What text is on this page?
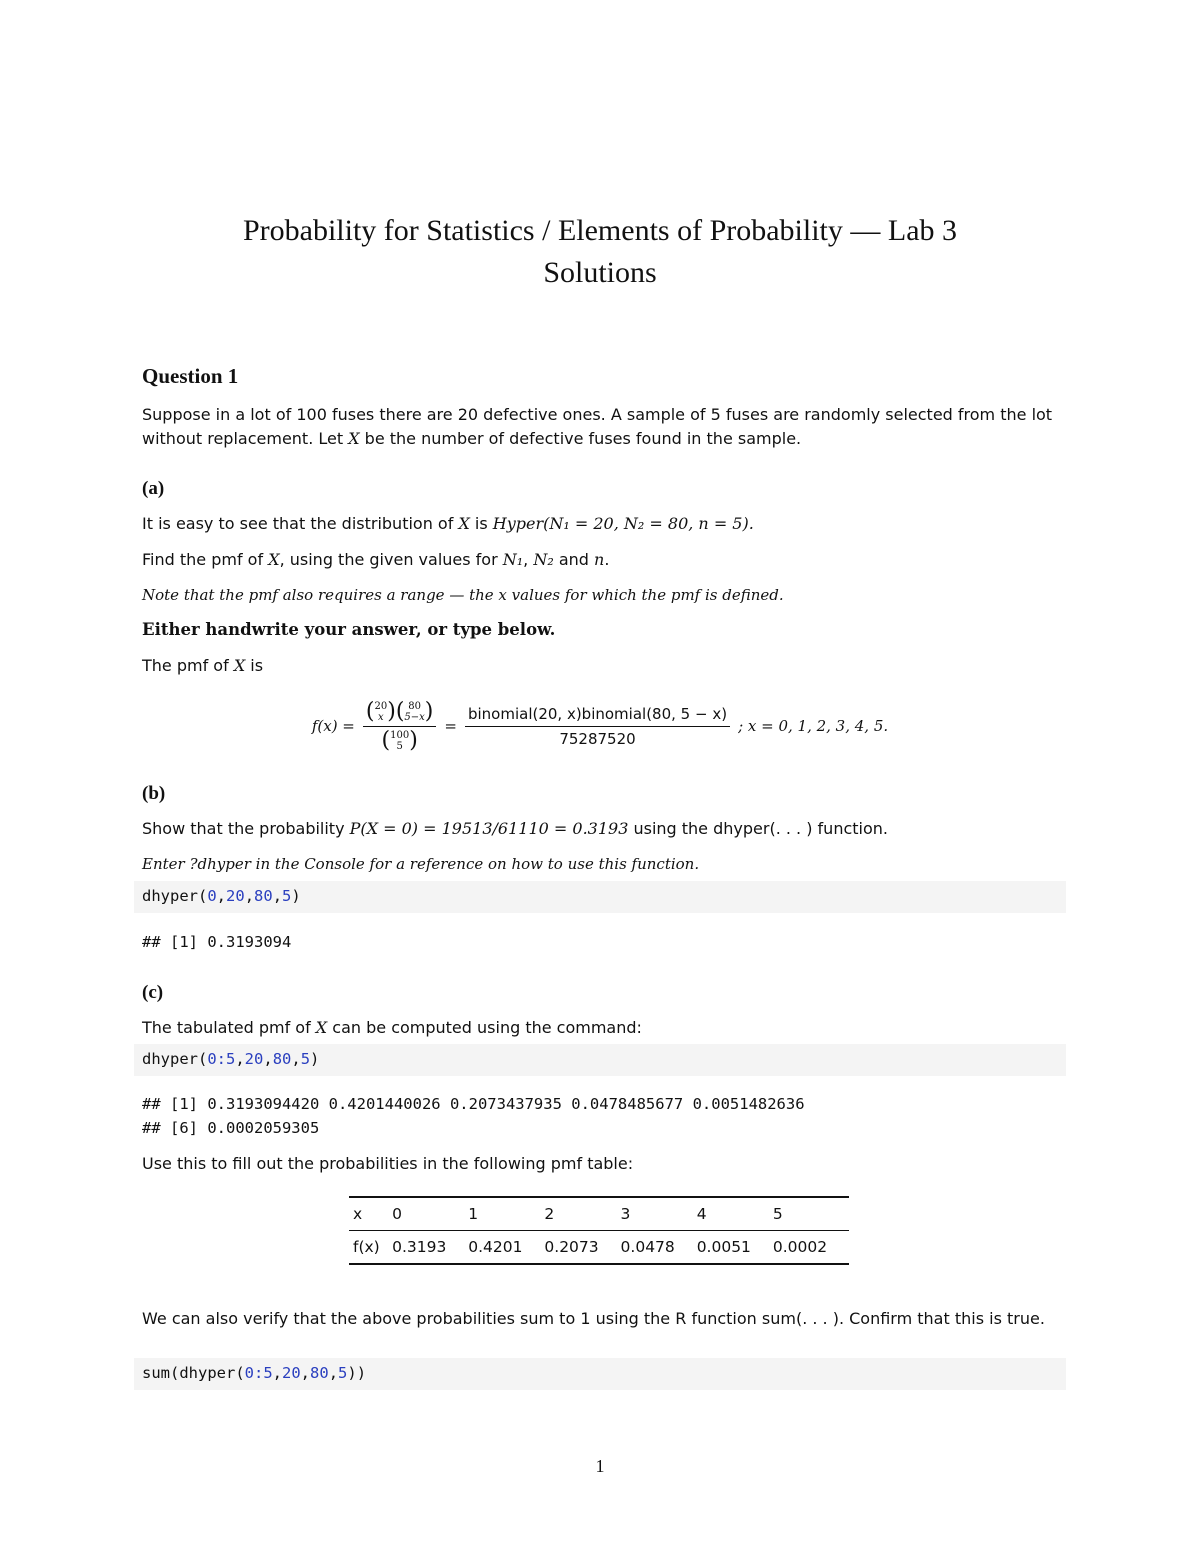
Probability for Statistics / Elements of Probability — Lab 3
Solutions
Question 1
Suppose in a lot of 100 fuses there are 20 defective ones. A sample of 5 fuses are randomly selected from the lot without replacement. Let X be the number of defective fuses found in the sample.
(a)
It is easy to see that the distribution of X is Hyper(N₁ = 20, N₂ = 80, n = 5).
Find the pmf of X, using the given values for N₁, N₂ and n.
Note that the pmf also requires a range — the x values for which the pmf is defined.
Either handwrite your answer, or type below.
The pmf of X is
f(x) = ( 20
x ) ( 80
5−x )
( 100
5 ) = $\frac{\text{binomial(20, x)binomial(80, 5 − x)}}{75287520}$ ; x = 0, 1, 2, 3, 4, 5.
(b)
Show that the probability P(X = 0) = 19513/61110 = 0.3193 using the dhyper(. . . ) function.
Enter ?dhyper in the Console for a reference on how to use this function.
dhyper(0,20,80,5)
## [1] 0.3193094
(c)
The tabulated pmf of X can be computed using the command:
dhyper(0:5,20,80,5)
## [1] 0.3193094420 0.4201440026 0.2073437935 0.0478485677 0.0051482636
## [6] 0.0002059305
Use this to fill out the probabilities in the following pmf table:
x	0	1	2	3	4	5
f(x)	0.3193	0.4201	0.2073	0.0478	0.0051	0.0002
We can also verify that the above probabilities sum to 1 using the R function sum(. . . ). Confirm that this is true.
sum(dhyper(0:5,20,80,5))
1
